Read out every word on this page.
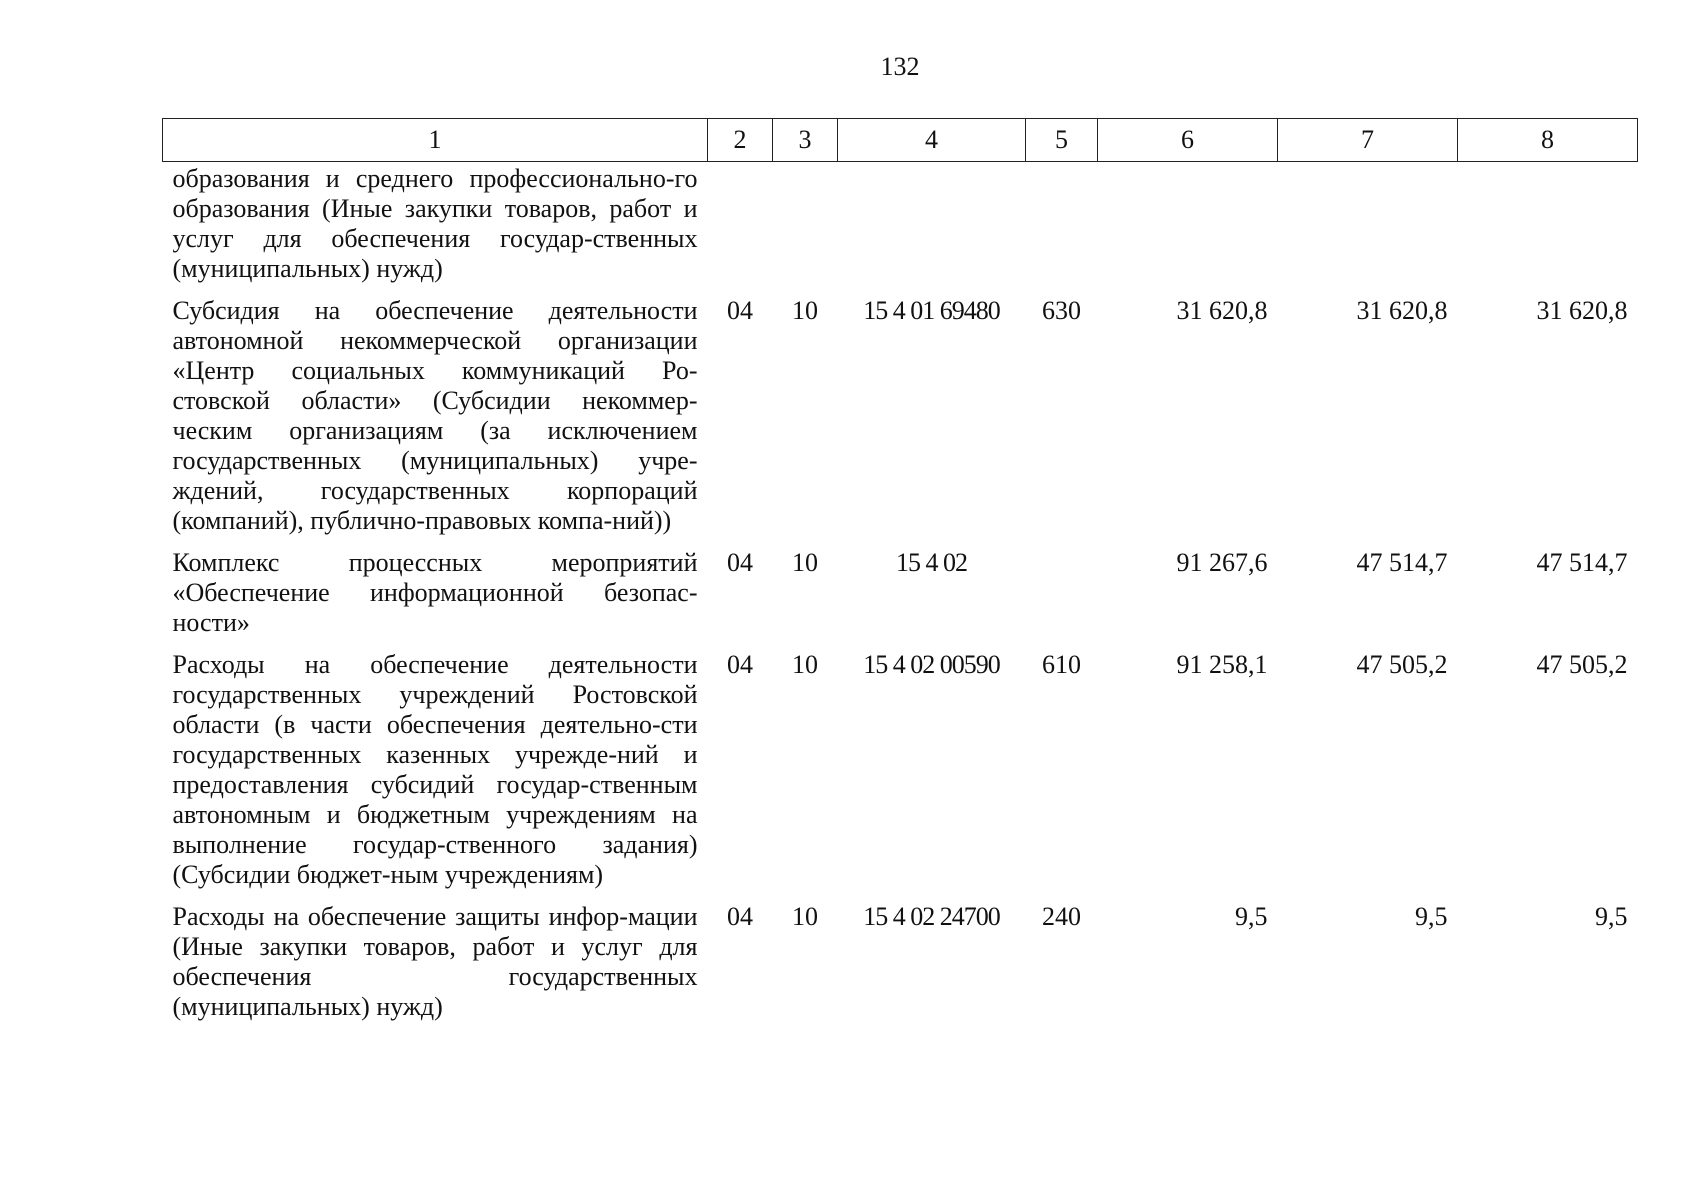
132
1	2	3	4	5	6	7	8
образования и среднего профессионально-го образования (Иные закупки товаров, работ и услуг для обеспечения государ-ственных (муниципальных) нужд)							
Субсидия на обеспечение деятельности автономной некоммерческой организации «Центр социальных коммуникаций Ро-стовской области» (Субсидии некоммер-ческим организациям (за исключением государственных (муниципальных) учре-ждений, государственных корпораций (компаний), публично-правовых компа-ний))	04	10	15 4 01 69480	630	31 620,8	31 620,8	31 620,8
Комплекс процессных мероприятий «Обеспечение информационной безопас-ности»	04	10	15 4 02		91 267,6	47 514,7	47 514,7
Расходы на обеспечение деятельности государственных учреждений Ростовской области (в части обеспечения деятельно-сти государственных казенных учрежде-ний и предоставления субсидий государ-ственным автономным и бюджетным учреждениям на выполнение государ-ственного задания) (Субсидии бюджет-ным учреждениям)	04	10	15 4 02 00590	610	91 258,1	47 505,2	47 505,2
Расходы на обеспечение защиты инфор-мации (Иные закупки товаров, работ и услуг для обеспечения государственных (муниципальных) нужд)	04	10	15 4 02 24700	240	9,5	9,5	9,5
